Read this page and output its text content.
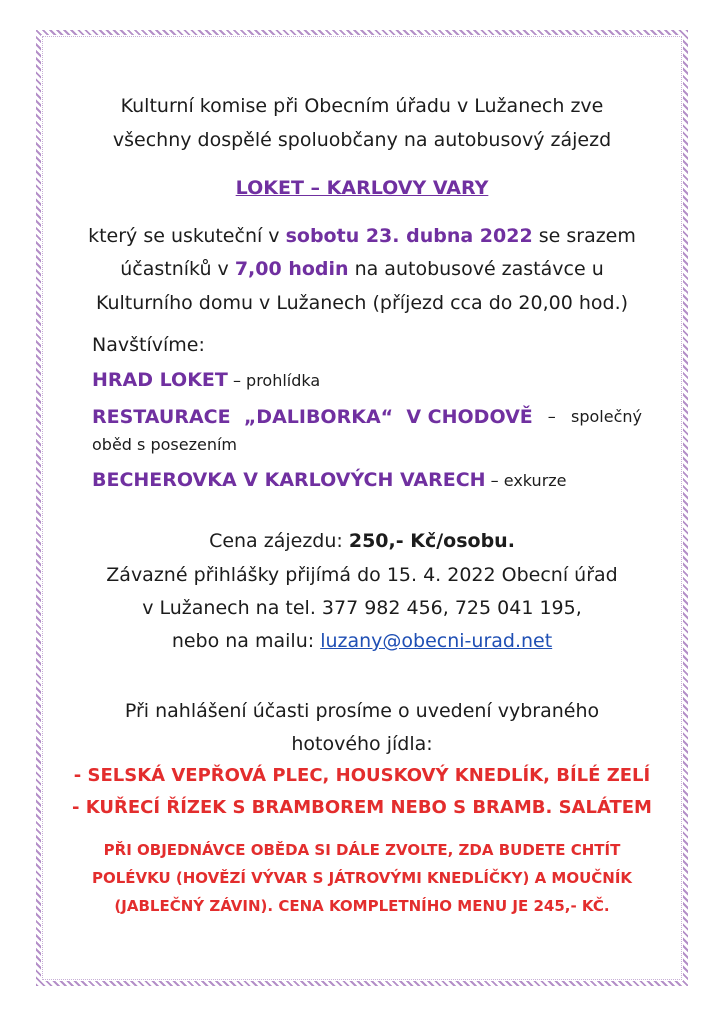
Kulturní komise při Obecním úřadu v Lužanech zve
všechny dospělé spoluobčany na autobusový zájezd
LOKET – KARLOVY VARY
který se uskuteční v sobotu 23. dubna 2022 se srazem
účastníků v 7,00 hodin na autobusové zastávce u
Kulturního domu v Lužanech (příjezd cca do 20,00 hod.)
Navštívíme:
HRAD LOKET – prohlídka
RESTAURACE  „DALIBORKA“  V CHODOVĚ –   společný
oběd s posezením
BECHEROVKA V KARLOVÝCH VARECH – exkurze
Cena zájezdu: 250,- Kč/osobu.
Závazné přihlášky přijímá do 15. 4. 2022 Obecní úřad
v Lužanech na tel. 377 982 456, 725 041 195,
nebo na mailu: luzany@obecni-urad.net
Při nahlášení účasti prosíme o uvedení vybraného
hotového jídla:
- SELSKÁ VEPŘOVÁ PLEC, HOUSKOVÝ KNEDLÍK, BÍLÉ ZELÍ
- KUŘECÍ ŘÍZEK S BRAMBOREM NEBO S BRAMB. SALÁTEM
PŘI OBJEDNÁVCE OBĚDA SI DÁLE ZVOLTE, ZDA BUDETE CHTÍT
POLÉVKU (HOVĚZÍ VÝVAR S JÁTROVÝMI KNEDLÍČKY) A MOUČNÍK
(JABLEČNÝ ZÁVIN). CENA KOMPLETNÍHO MENU JE 245,- KČ.
